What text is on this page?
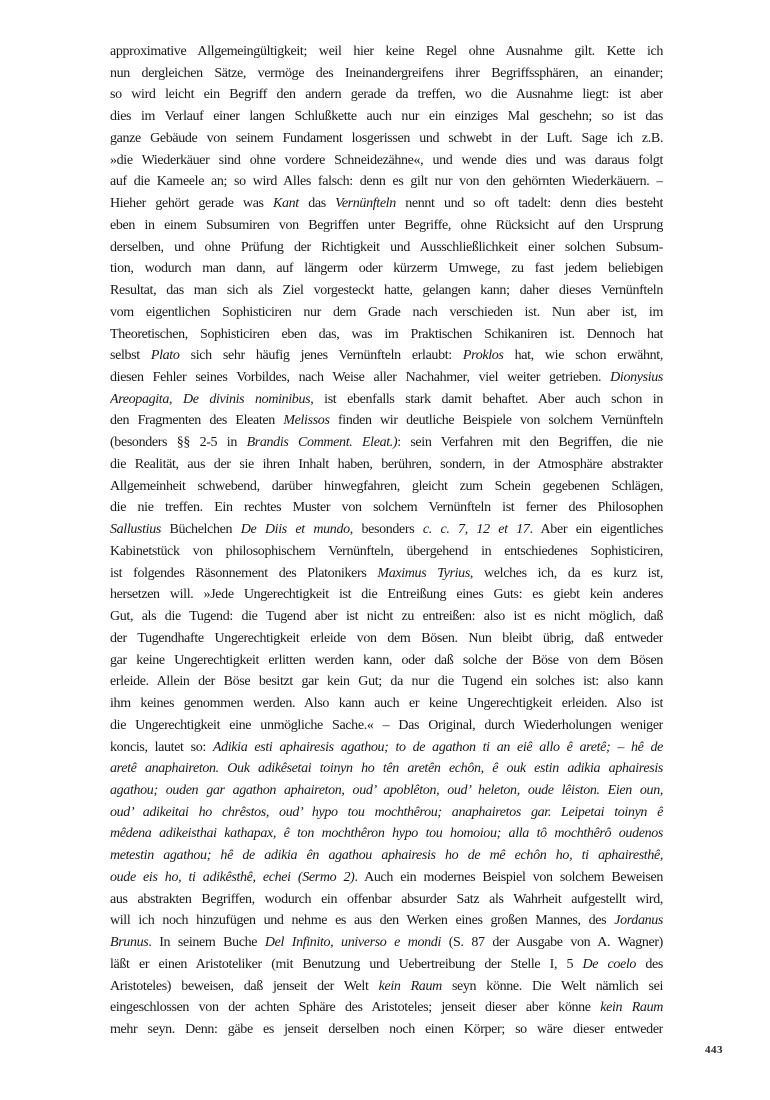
approximative Allgemeingültigkeit; weil hier keine Regel ohne Ausnahme gilt. Kette ich
nun dergleichen Sätze, vermöge des Ineinandergreifens ihrer Begriffssphären, an einander;
so wird leicht ein Begriff den andern gerade da treffen, wo die Ausnahme liegt: ist aber
dies im Verlauf einer langen Schlußkette auch nur ein einziges Mal geschehn; so ist das
ganze Gebäude von seinem Fundament losgerissen und schwebt in der Luft. Sage ich z.B.
»die Wiederkäuer sind ohne vordere Schneidezähne«, und wende dies und was daraus folgt
auf die Kameele an; so wird Alles falsch: denn es gilt nur von den gehörnten Wiederkäuern. –
Hieher gehört gerade was Kant das Vernünfteln nennt und so oft tadelt: denn dies besteht
eben in einem Subsumiren von Begriffen unter Begriffe, ohne Rücksicht auf den Ursprung
derselben, und ohne Prüfung der Richtigkeit und Ausschließlichkeit einer solchen Subsum-
tion, wodurch man dann, auf längerm oder kürzerm Umwege, zu fast jedem beliebigen
Resultat, das man sich als Ziel vorgesteckt hatte, gelangen kann; daher dieses Vernünfteln
vom eigentlichen Sophisticiren nur dem Grade nach verschieden ist. Nun aber ist, im
Theoretischen, Sophisticiren eben das, was im Praktischen Schikaniren ist. Dennoch hat
selbst Plato sich sehr häufig jenes Vernünfteln erlaubt: Proklos hat, wie schon erwähnt,
diesen Fehler seines Vorbildes, nach Weise aller Nachahmer, viel weiter getrieben. Dionysius
Areopagita, De divinis nominibus, ist ebenfalls stark damit behaftet. Aber auch schon in
den Fragmenten des Eleaten Melissos finden wir deutliche Beispiele von solchem Vernünfteln
(besonders §§ 2-5 in Brandis Comment. Eleat.): sein Verfahren mit den Begriffen, die nie
die Realität, aus der sie ihren Inhalt haben, berühren, sondern, in der Atmosphäre abstrakter
Allgemeinheit schwebend, darüber hinwegfahren, gleicht zum Schein gegebenen Schlägen,
die nie treffen. Ein rechtes Muster von solchem Vernünfteln ist ferner des Philosophen
Sallustius Büchelchen De Diis et mundo, besonders c. c. 7, 12 et 17. Aber ein eigentliches
Kabinetstück von philosophischem Vernünfteln, übergehend in entschiedenes Sophisticiren,
ist folgendes Räsonnement des Platonikers Maximus Tyrius, welches ich, da es kurz ist,
hersetzen will. »Jede Ungerechtigkeit ist die Entreißung eines Guts: es giebt kein anderes
Gut, als die Tugend: die Tugend aber ist nicht zu entreißen: also ist es nicht möglich, daß
der Tugendhafte Ungerechtigkeit erleide von dem Bösen. Nun bleibt übrig, daß entweder
gar keine Ungerechtigkeit erlitten werden kann, oder daß solche der Böse von dem Bösen
erleide. Allein der Böse besitzt gar kein Gut; da nur die Tugend ein solches ist: also kann
ihm keines genommen werden. Also kann auch er keine Ungerechtigkeit erleiden. Also ist
die Ungerechtigkeit eine unmögliche Sache.« – Das Original, durch Wiederholungen weniger
koncis, lautet so: Adikia esti aphairesis agathou; to de agathon ti an eiê allo ê aretê; – hê de
aretê anaphaireton. Ouk adikêsetai toinyn ho tên aretên echôn, ê ouk estin adikia aphairesis
agathou; ouden gar agathon aphaireton, oud’ apoblêton, oud’ heleton, oude lêiston. Eien oun,
oud’ adikeitai ho chrêstos, oud’ hypo tou mochthêrou; anaphairetos gar. Leipetai toinyn ê
mêdena adikeisthai kathapax, ê ton mochthêron hypo tou homoiou; alla tô mochthêrô oudenos
metestin agathou; hê de adikia ên agathou aphairesis ho de mê echôn ho, ti aphairesthê,
oude eis ho, ti adikêsthê, echei (Sermo 2). Auch ein modernes Beispiel von solchem Beweisen
aus abstrakten Begriffen, wodurch ein offenbar absurder Satz als Wahrheit aufgestellt wird,
will ich noch hinzufügen und nehme es aus den Werken eines großen Mannes, des Jordanus
Brunus. In seinem Buche Del Infinito, universo e mondi (S. 87 der Ausgabe von A. Wagner)
läßt er einen Aristoteliker (mit Benutzung und Uebertreibung der Stelle I, 5 De coelo des
Aristoteles) beweisen, daß jenseit der Welt kein Raum seyn könne. Die Welt nämlich sei
eingeschlossen von der achten Sphäre des Aristoteles; jenseit dieser aber könne kein Raum
mehr seyn. Denn: gäbe es jenseit derselben noch einen Körper; so wäre dieser entweder
443
